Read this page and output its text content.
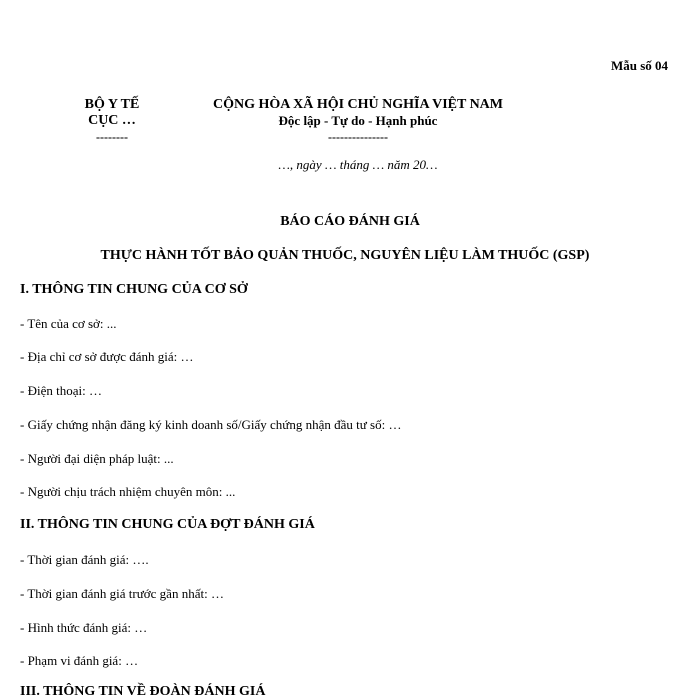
Mẫu số 04
BỘ Y TẾ
CỤC …
--------
CỘNG HÒA XÃ HỘI CHỦ NGHĨA VIỆT NAM
Độc lập - Tự do - Hạnh phúc
---------------
…, ngày … tháng … năm 20…
BÁO CÁO ĐÁNH GIÁ
THỰC HÀNH TỐT BẢO QUẢN THUỐC, NGUYÊN LIỆU LÀM THUỐC (GSP)
I. THÔNG TIN CHUNG CỦA CƠ SỞ
- Tên của cơ sở: ...
- Địa chỉ cơ sở được đánh giá: …
- Điện thoại: …
- Giấy chứng nhận đăng ký kinh doanh số/Giấy chứng nhận đầu tư số: …
- Người đại diện pháp luật: ...
- Người chịu trách nhiệm chuyên môn: ...
II. THÔNG TIN CHUNG CỦA ĐỢT ĐÁNH GIÁ
- Thời gian đánh giá: ….
- Thời gian đánh giá trước gần nhất: …
- Hình thức đánh giá: …
- Phạm vi đánh giá: …
III. THÔNG TIN VỀ ĐOÀN ĐÁNH GIÁ
